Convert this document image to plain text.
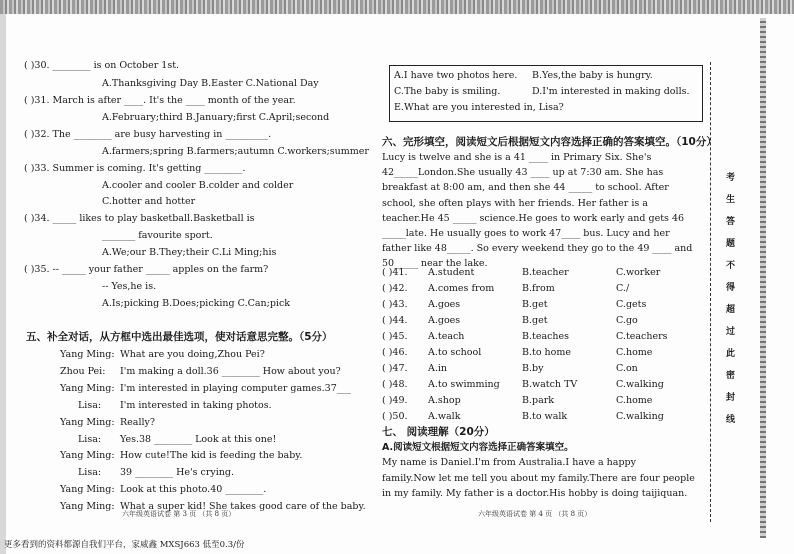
( )30. ________ is on October 1st.
A.Thanksgiving Day B.Easter C.National Day
( )31. March is after ____. It's the ____ month of the year.
A.February;third B.January;first C.April;second
( )32. The ________ are busy harvesting in _________.
A.farmers;spring B.farmers;autumn C.workers;summer
( )33. Summer is coming. It's getting ________.
A.cooler and cooler B.colder and colder
C.hotter and hotter
( )34. _____ likes to play basketball.Basketball is
_______ favourite sport.
A.We;our B.They;their C.Li Ming;his
( )35. -- _____ your father _____ apples on the farm?
-- Yes,he is.
A.Is;picking B.Does;picking C.Can;pick
五、补全对话，从方框中选出最佳选项，使对话意思完整。（5分）
Yang Ming: What are you doing,Zhou Pei?
Zhou Pei: I'm making a doll.36 ________ How about you?
Yang Ming: I'm interested in playing computer games.37___
Lisa: I'm interested in taking photos.
Yang Ming: Really?
Lisa: Yes.38 ________ Look at this one!
Yang Ming: How cute!The kid is feeding the baby.
Lisa: 39 ________ He's crying.
Yang Ming: Look at this photo.40 ________.
Yang Ming: What a super kid! She takes good care of the baby.
A.I have two photos here. B.Yes,the baby is hungry.
C.The baby is smiling.	D.I'm interested in making dolls.
E.What are you interested in, Lisa?
六、完形填空，阅读短文后根据短文内容选择正确的答案填空。（10分）
Lucy is twelve and she is a 41 ____ in Primary Six. She's
42_____London.She usually 43 ____ up at 7:30 am. She has
breakfast at 8:00 am, and then she 44 _____ to school. After
school, she often plays with her friends. Her father is a
teacher.He 45 _____ science.He goes to work early and gets 46
_____late. He usually goes to work 47____ bus. Lucy and her
father like 48_____. So every weekend they go to the 49 ____ and
50_____ near the lake.
( )41. A.student	B.teacher	C.worker
( )42. A.comes from	B.from	C./
( )43. A.goes	B.get	C.gets
( )44. A.goes	B.get	C.go
( )45. A.teach	B.teaches	C.teachers
( )46. A.to school	B.to home	C.home
( )47. A.in	B.by	C.on
( )48. A.to swimming B.watch TV	C.walking
( )49. A.shop	B.park	C.home
( )50. A.walk	B.to walk	C.walking
七、 阅读理解（20分）
A.阅读短文根据短文内容选择正确答案填空。
My name is Daniel.I'm from Australia.I have a happy
family.Now let me tell you about my family.There are four people
in my family. My father is a doctor.His hobby is doing taijiquan.
六年级英语试卷 第 3 页 （共 8 页）	六年级英语试卷 第 4 页 （共 8 页）
考
生
答
题
不
得
超
过
此
密
封
线
更多看到的资料都源自我们平台，家威鑫 MXSJ663 低至0.3/份
